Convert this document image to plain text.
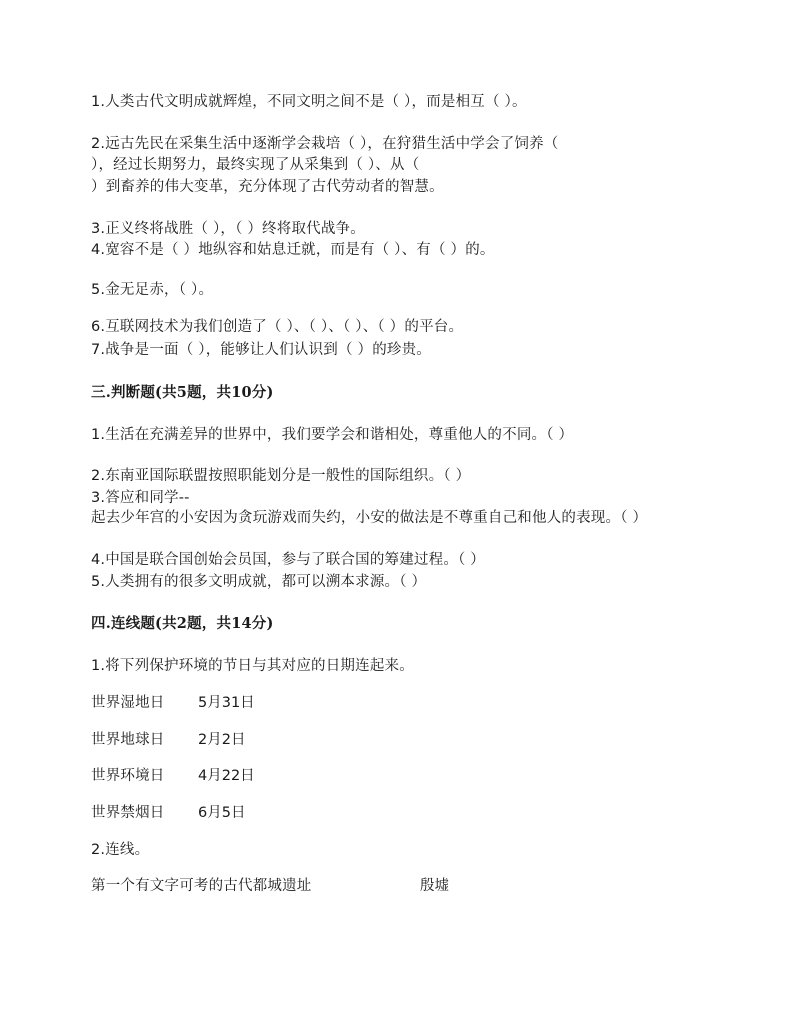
1.人类古代文明成就辉煌，不同文明之间不是（ ），而是相互（ ）。
2.远古先民在采集生活中逐渐学会栽培（ ），在狩猎生活中学会了饲养（
），经过长期努力，最终实现了从采集到（ ）、从（
）到畜养的伟大变革，充分体现了古代劳动者的智慧。
3.正义终将战胜（ ），（ ）终将取代战争。
4.宽容不是（ ）地纵容和姑息迁就，而是有（ ）、有（ ）的。
5.金无足赤，（ ）。
6.互联网技术为我们创造了（ ）、（ ）、（ ）、（ ）的平台。
7.战争是一面（ ），能够让人们认识到（ ）的珍贵。
三.判断题(共5题，共10分)
1.生活在充满差异的世界中，我们要学会和谐相处，尊重他人的不同。（ ）
2.东南亚国际联盟按照职能划分是一般性的国际组织。（ ）
3.答应和同学--
起去少年宫的小安因为贪玩游戏而失约，小安的做法是不尊重自己和他人的表现。（ ）
4.中国是联合国创始会员国，参与了联合国的筹建过程。（ ）
5.人类拥有的很多文明成就，都可以溯本求源。（ ）
四.连线题(共2题，共14分)
1.将下列保护环境的节日与其对应的日期连起来。
世界湿地日 5月31日
世界地球日 2月2日
世界环境日 4月22日
世界禁烟日 6月5日
2.连线。
第一个有文字可考的古代都城遗址	殷墟
